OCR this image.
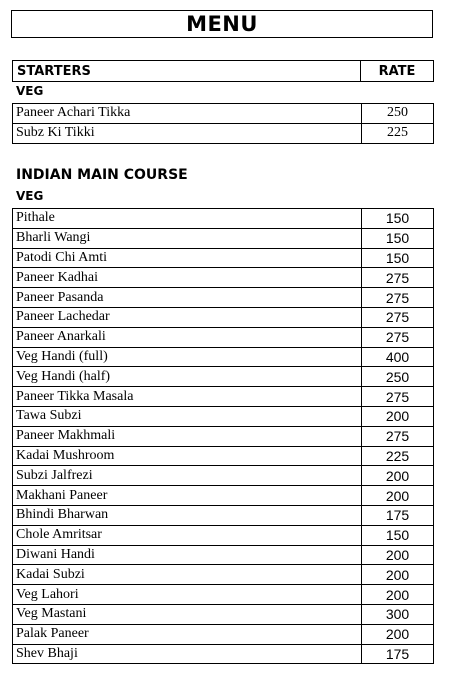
MENU
STARTERS	RATE
VEG
Paneer Achari Tikka	250
Subz Ki Tikki	225
INDIAN MAIN COURSE
VEG
Pithale	150
Bharli Wangi	150
Patodi Chi Amti	150
Paneer Kadhai	275
Paneer Pasanda	275
Paneer Lachedar	275
Paneer Anarkali	275
Veg Handi (full)	400
Veg Handi (half)	250
Paneer Tikka Masala	275
Tawa Subzi	200
Paneer Makhmali	275
Kadai Mushroom	225
Subzi Jalfrezi	200
Makhani Paneer	200
Bhindi Bharwan	175
Chole Amritsar	150
Diwani Handi	200
Kadai Subzi	200
Veg Lahori	200
Veg Mastani	300
Palak Paneer	200
Shev Bhaji	175
